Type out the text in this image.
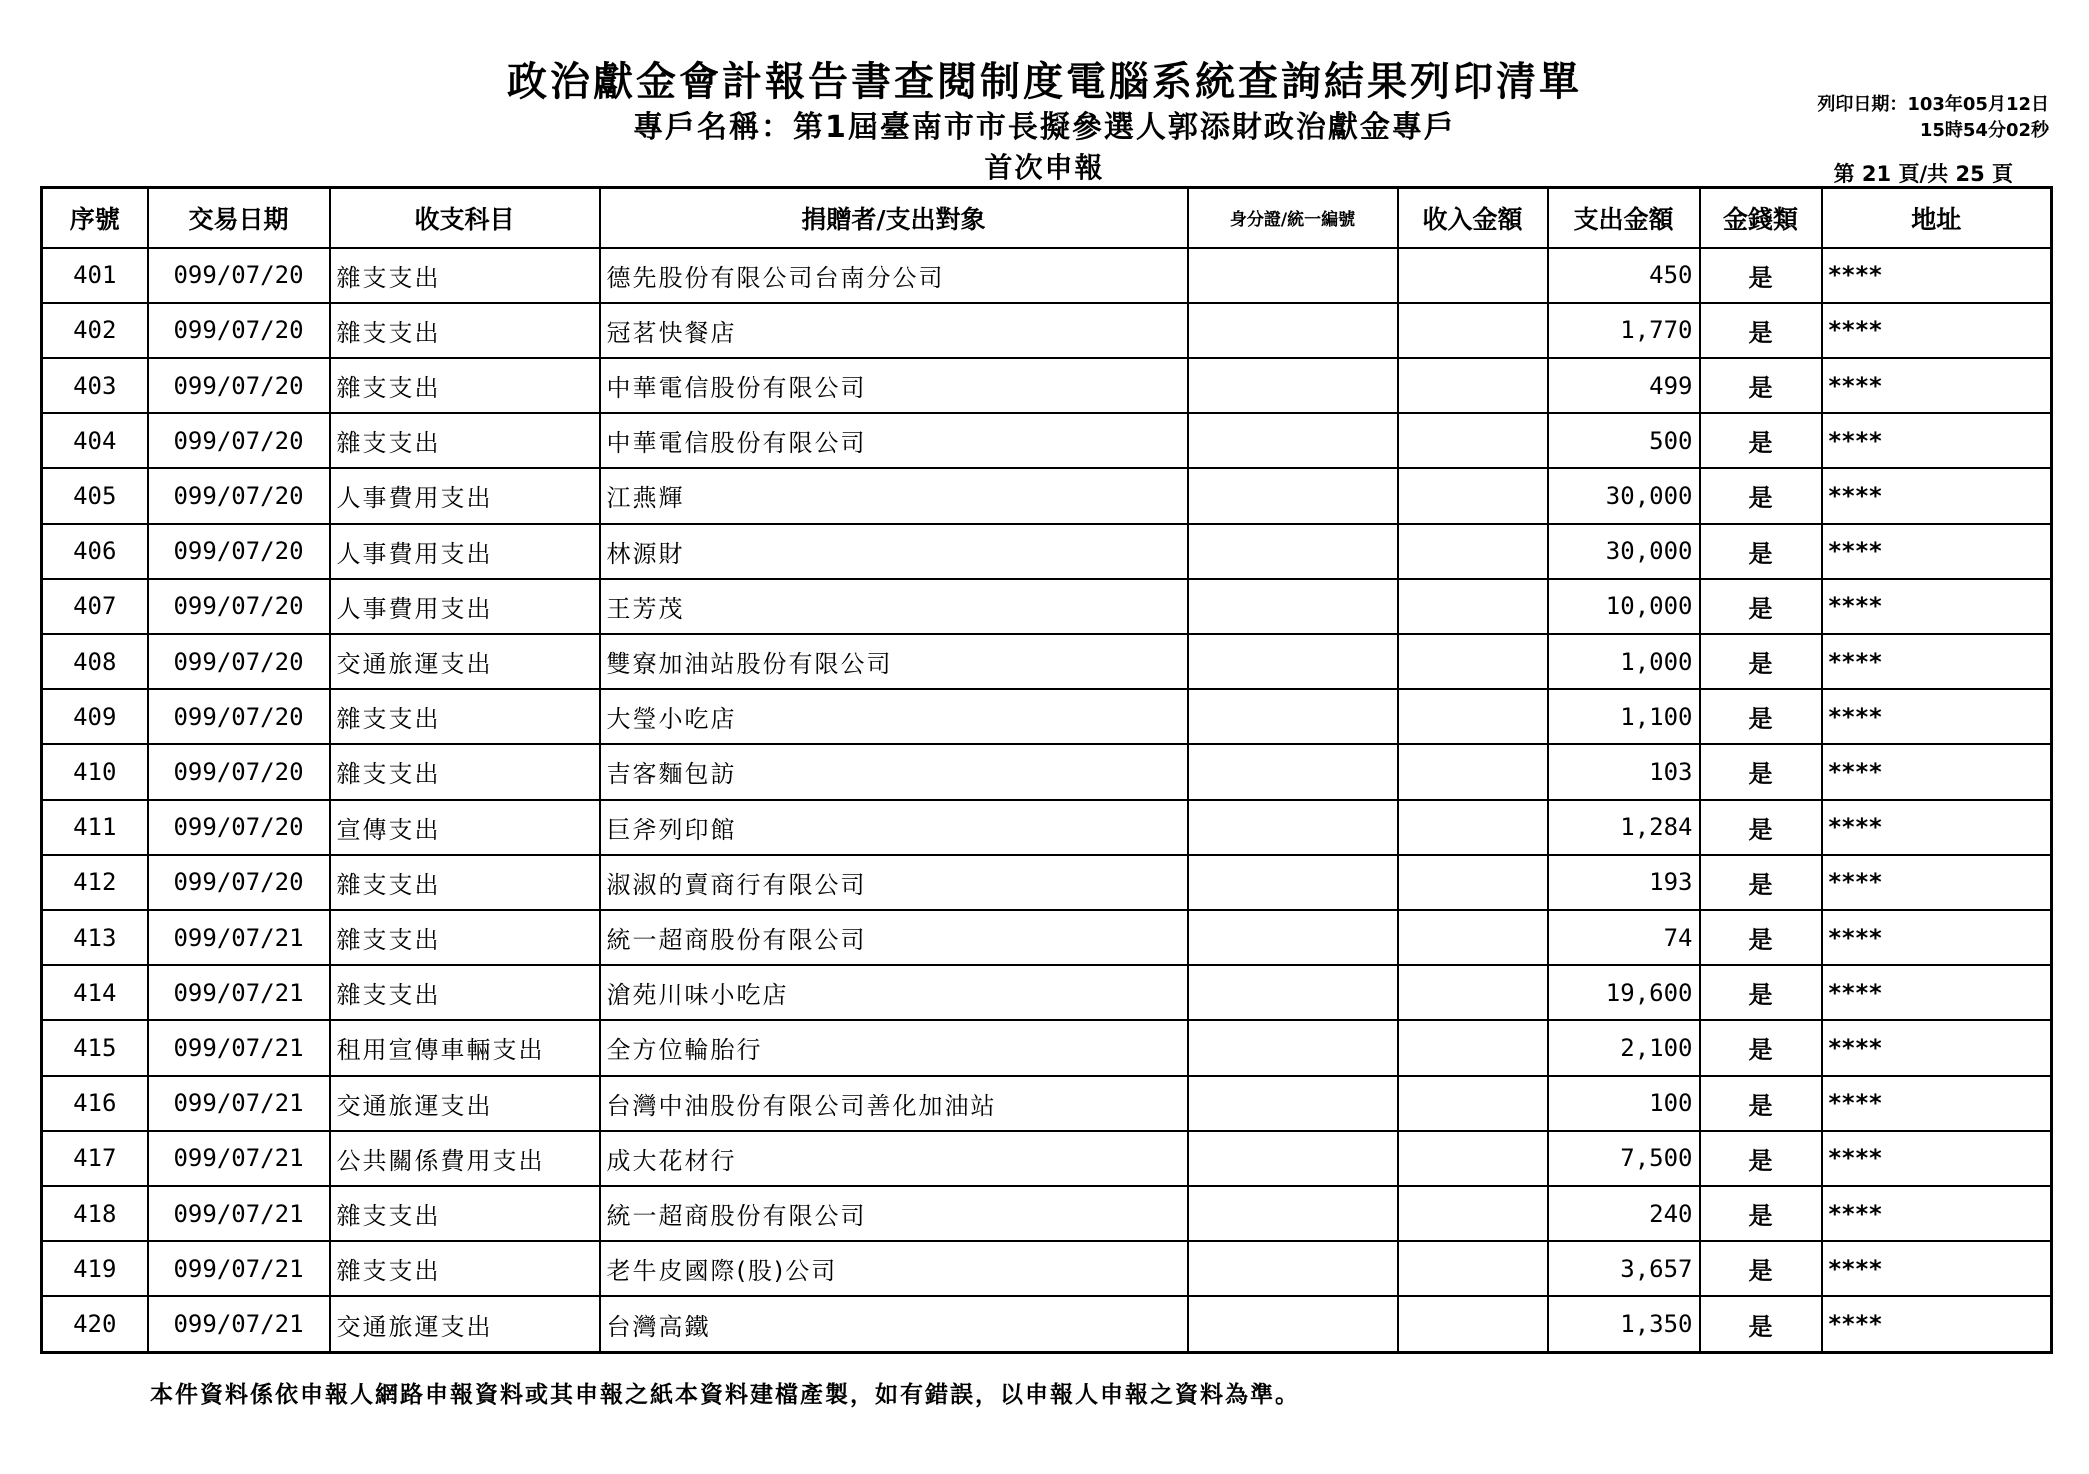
政治獻金會計報告書查閱制度電腦系統查詢結果列印清單
專戶名稱：第1屆臺南市市長擬參選人郭添財政治獻金專戶
首次申報
列印日期：103年05月12日
15時54分02秒
第 21 頁/共 25 頁
序號	交易日期	收支科目	捐贈者/支出對象	身分證/統一編號	收入金額	支出金額	金錢類	地址
401	099/07/20	雜支支出	德先股份有限公司台南分公司			450	是	****
402	099/07/20	雜支支出	冠茗快餐店			1,770	是	****
403	099/07/20	雜支支出	中華電信股份有限公司			499	是	****
404	099/07/20	雜支支出	中華電信股份有限公司			500	是	****
405	099/07/20	人事費用支出	江燕輝			30,000	是	****
406	099/07/20	人事費用支出	林源財			30,000	是	****
407	099/07/20	人事費用支出	王芳茂			10,000	是	****
408	099/07/20	交通旅運支出	雙寮加油站股份有限公司			1,000	是	****
409	099/07/20	雜支支出	大瑩小吃店			1,100	是	****
410	099/07/20	雜支支出	吉客麵包訪			103	是	****
411	099/07/20	宣傳支出	巨斧列印館			1,284	是	****
412	099/07/20	雜支支出	淑淑的賣商行有限公司			193	是	****
413	099/07/21	雜支支出	統一超商股份有限公司			74	是	****
414	099/07/21	雜支支出	滄苑川味小吃店			19,600	是	****
415	099/07/21	租用宣傳車輛支出	全方位輪胎行			2,100	是	****
416	099/07/21	交通旅運支出	台灣中油股份有限公司善化加油站			100	是	****
417	099/07/21	公共關係費用支出	成大花材行			7,500	是	****
418	099/07/21	雜支支出	統一超商股份有限公司			240	是	****
419	099/07/21	雜支支出	老牛皮國際(股)公司			3,657	是	****
420	099/07/21	交通旅運支出	台灣高鐵			1,350	是	****
本件資料係依申報人網路申報資料或其申報之紙本資料建檔產製，如有錯誤，以申報人申報之資料為準。
